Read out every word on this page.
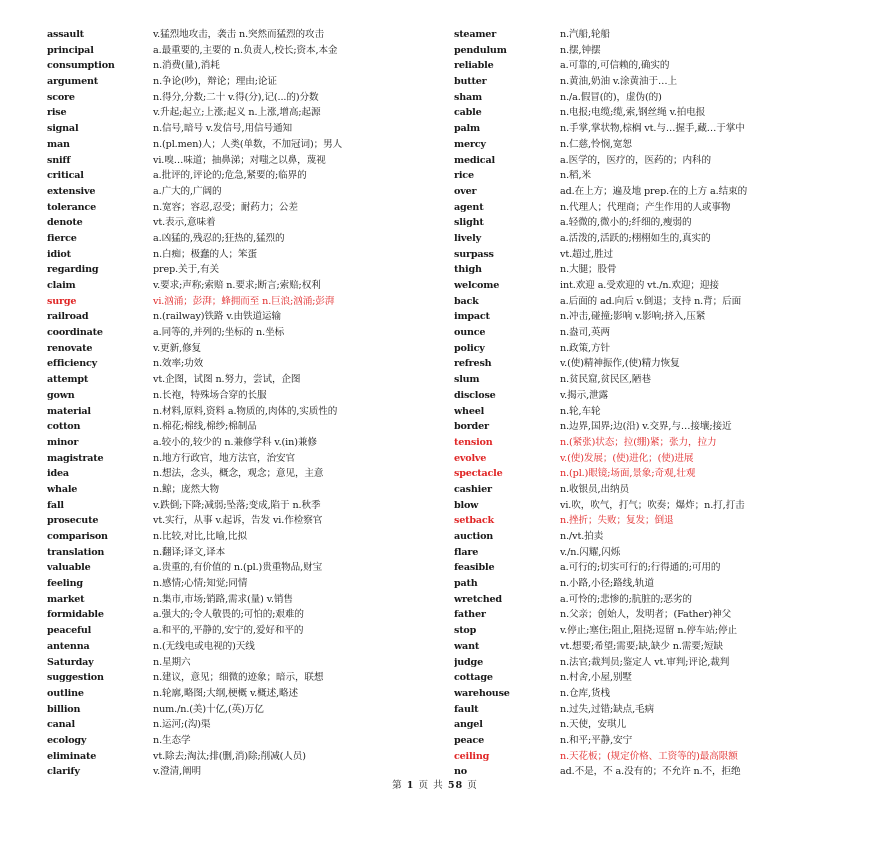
assault	v.猛烈地攻击，袭击 n.突然而猛烈的攻击
principal	a.最重要的,主要的 n.负责人,校长;资本,本金
consumption	n.消费(量),消耗
argument	n.争论(吵)，辩论；理由;论证
score	n.得分,分数;二十 v.得(分),记(...的)分数
rise	v.升起;起立;上涨;起义 n.上涨,增高;起源
signal	n.信号,暗号 v.发信号,用信号通知
man	n.(pl.men)人；人类(单数，不加冠词)；男人
sniff	vi.嗅…味道；抽鼻涕；对嗤之以鼻，蔑视
critical	a.批评的,评论的;危急,紧要的;临界的
extensive	a.广大的,广阔的
tolerance	n.宽容；容忍,忍受；耐药力；公差
denote	vt.表示,意味着
fierce	a.凶猛的,残忍的;狂热的,猛烈的
idiot	n.白痴；极蠢的人；笨蛋
regarding	prep.关于,有关
claim	v.要求;声称;索赔 n.要求;断言;索赔;权利
surge	vi.汹涌；彭湃；蜂拥而至 n.巨浪;汹涌;彭湃
railroad	n.(railway)铁路 v.由铁道运输
coordinate	a.同等的,并列的;坐标的 n.坐标
renovate	v.更新,修复
efficiency	n.效率;功效
attempt	vt.企图，试图 n.努力，尝试，企图
gown	n.长袍，特殊场合穿的长服
material	n.材料,原料,资料 a.物质的,肉体的,实质性的
cotton	n.棉花;棉线,棉纱;棉制品
minor	a.较小的,较少的 n.兼修学科 v.(in)兼修
magistrate	n.地方行政官，地方法官，治安官
idea	n.想法，念头，概念，观念；意见，主意
whale	n.鲸；庞然大物
fall	v.跌倒;下降;减弱;坠落;变成,陷于 n.秋季
prosecute	vt.实行，从事 v.起诉，告发 vi.作检察官
comparison	n.比较,对比,比喻,比拟
translation	n.翻译;译文,译本
valuable	a.贵重的,有价值的 n.(pl.)贵重物品,财宝
feeling	n.感情;心情;知觉;同情
market	n.集市,市场;销路,需求(量) v.销售
formidable	a.强大的;令人敬畏的;可怕的;艰难的
peaceful	a.和平的,平静的,安宁的,爱好和平的
antenna	n.(无线电或电视的)天线
Saturday	n.星期六
suggestion	n.建议，意见；细微的迹象；暗示，联想
outline	n.轮廓,略图;大纲,梗概 v.概述,略述
billion	num./n.(美)十亿,(英)万亿
canal	n.运河;(沟)渠
ecology	n.生态学
eliminate	vt.除去;淘汰;排(删,消)除;削减(人员)
clarify	v.澄清,阐明
steamer	n.汽船,轮船
pendulum	n.摆,钟摆
reliable	a.可靠的,可信赖的,确实的
butter	n.黄油,奶油 v.涂黄油于…上
sham	n./a.假冒(的)，虚伪(的)
cable	n.电报;电缆;缆,索,钢丝绳 v.拍电报
palm	n.手掌,掌状物,棕榈 vt.与…握手,藏…于掌中
mercy	n.仁慈,怜悯,宽恕
medical	a.医学的，医疗的，医药的；内科的
rice	n.稻,米
over	ad.在上方；遍及地 prep.在的上方 a.结束的
agent	n.代理人；代理商；产生作用的人或事物
slight	a.轻微的,微小的;纤细的,瘦弱的
lively	a.活泼的,活跃的;栩栩如生的,真实的
surpass	vt.超过,胜过
thigh	n.大腿；股骨
welcome	int.欢迎 a.受欢迎的 vt./n.欢迎；迎接
back	a.后面的 ad.向后 v.倒退；支持 n.背；后面
impact	n.冲击,碰撞;影响 v.影响;挤入,压紧
ounce	n.盎司,英两
policy	n.政策,方针
refresh	v.(使)精神振作,(使)精力恢复
slum	n.贫民窟,贫民区,陋巷
disclose	v.揭示,泄露
wheel	n.轮,车轮
border	n.边界,国界;边(沿) v.交界,与…接壤;接近
tension	n.(紧张)状态；拉(绷)紧；张力，拉力
evolve	v.(使)发展；(使)进化；(使)进展
spectacle	n.(pl.)眼镜;场面,景象;奇观,壮观
cashier	n.收银员,出纳员
blow	vi.吹，吹气，打气；吹奏；爆炸；n.打,打击
setback	n.挫折；失败；复发；倒退
auction	n./vt.拍卖
flare	v./n.闪耀,闪烁
feasible	a.可行的;切实可行的;行得通的;可用的
path	n.小路,小径;路线,轨道
wretched	a.可怜的;悲惨的;肮脏的;恶劣的
father	n.父亲；创始人，发明者；(Father)神父
stop	v.停止;塞住;阻止,阻挠;逗留 n.停车站;停止
want	vt.想要;希望;需要;缺,缺少 n.需要;短缺
judge	n.法官;裁判员;鉴定人 vt.审判;评论,裁判
cottage	n.村舍,小屋,别墅
warehouse	n.仓库,货栈
fault	n.过失,过错;缺点,毛病
angel	n.天使，安琪儿
peace	n.和平;平静,安宁
ceiling	n.天花板；(规定价格、工资等的)最高限额
no	ad.不是，不 a.没有的；不允许 n.不，拒绝
第 1 页 共 58 页
